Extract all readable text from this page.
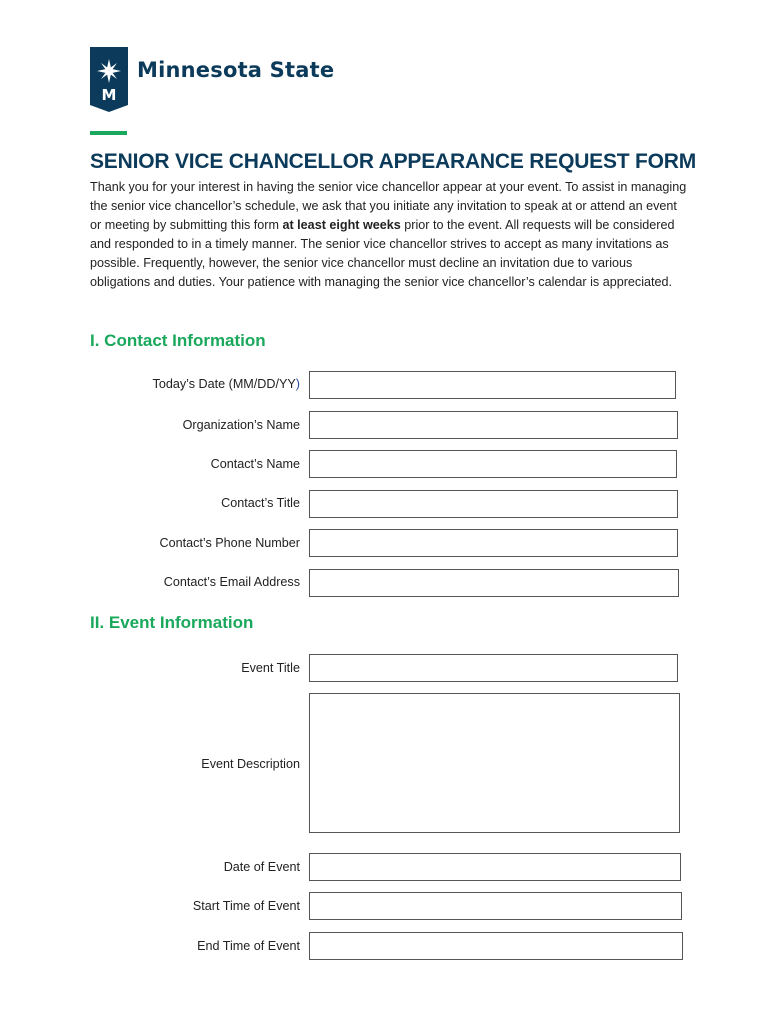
M
Minnesota State
SENIOR VICE CHANCELLOR APPEARANCE REQUEST FORM

Thank you for your interest in having the senior vice chancellor appear at your event. To assist in managing the senior vice chancellor’s schedule, we ask that you initiate any invitation to speak at or attend an event or meeting by submitting this form at least eight weeks prior to the event. All requests will be considered and responded to in a timely manner. The senior vice chancellor strives to accept as many invitations as possible. Frequently, however, the senior vice chancellor must decline an invitation due to various obligations and duties. Your patience with managing the senior vice chancellor’s calendar is appreciated.

I. Contact Information
Today’s Date (MM/DD/YY)
Organization’s Name
Contact’s Name
Contact’s Title
Contact’s Phone Number
Contact’s Email Address
II. Event Information
Event Title
Event Description
Date of Event
Start Time of Event
End Time of Event
